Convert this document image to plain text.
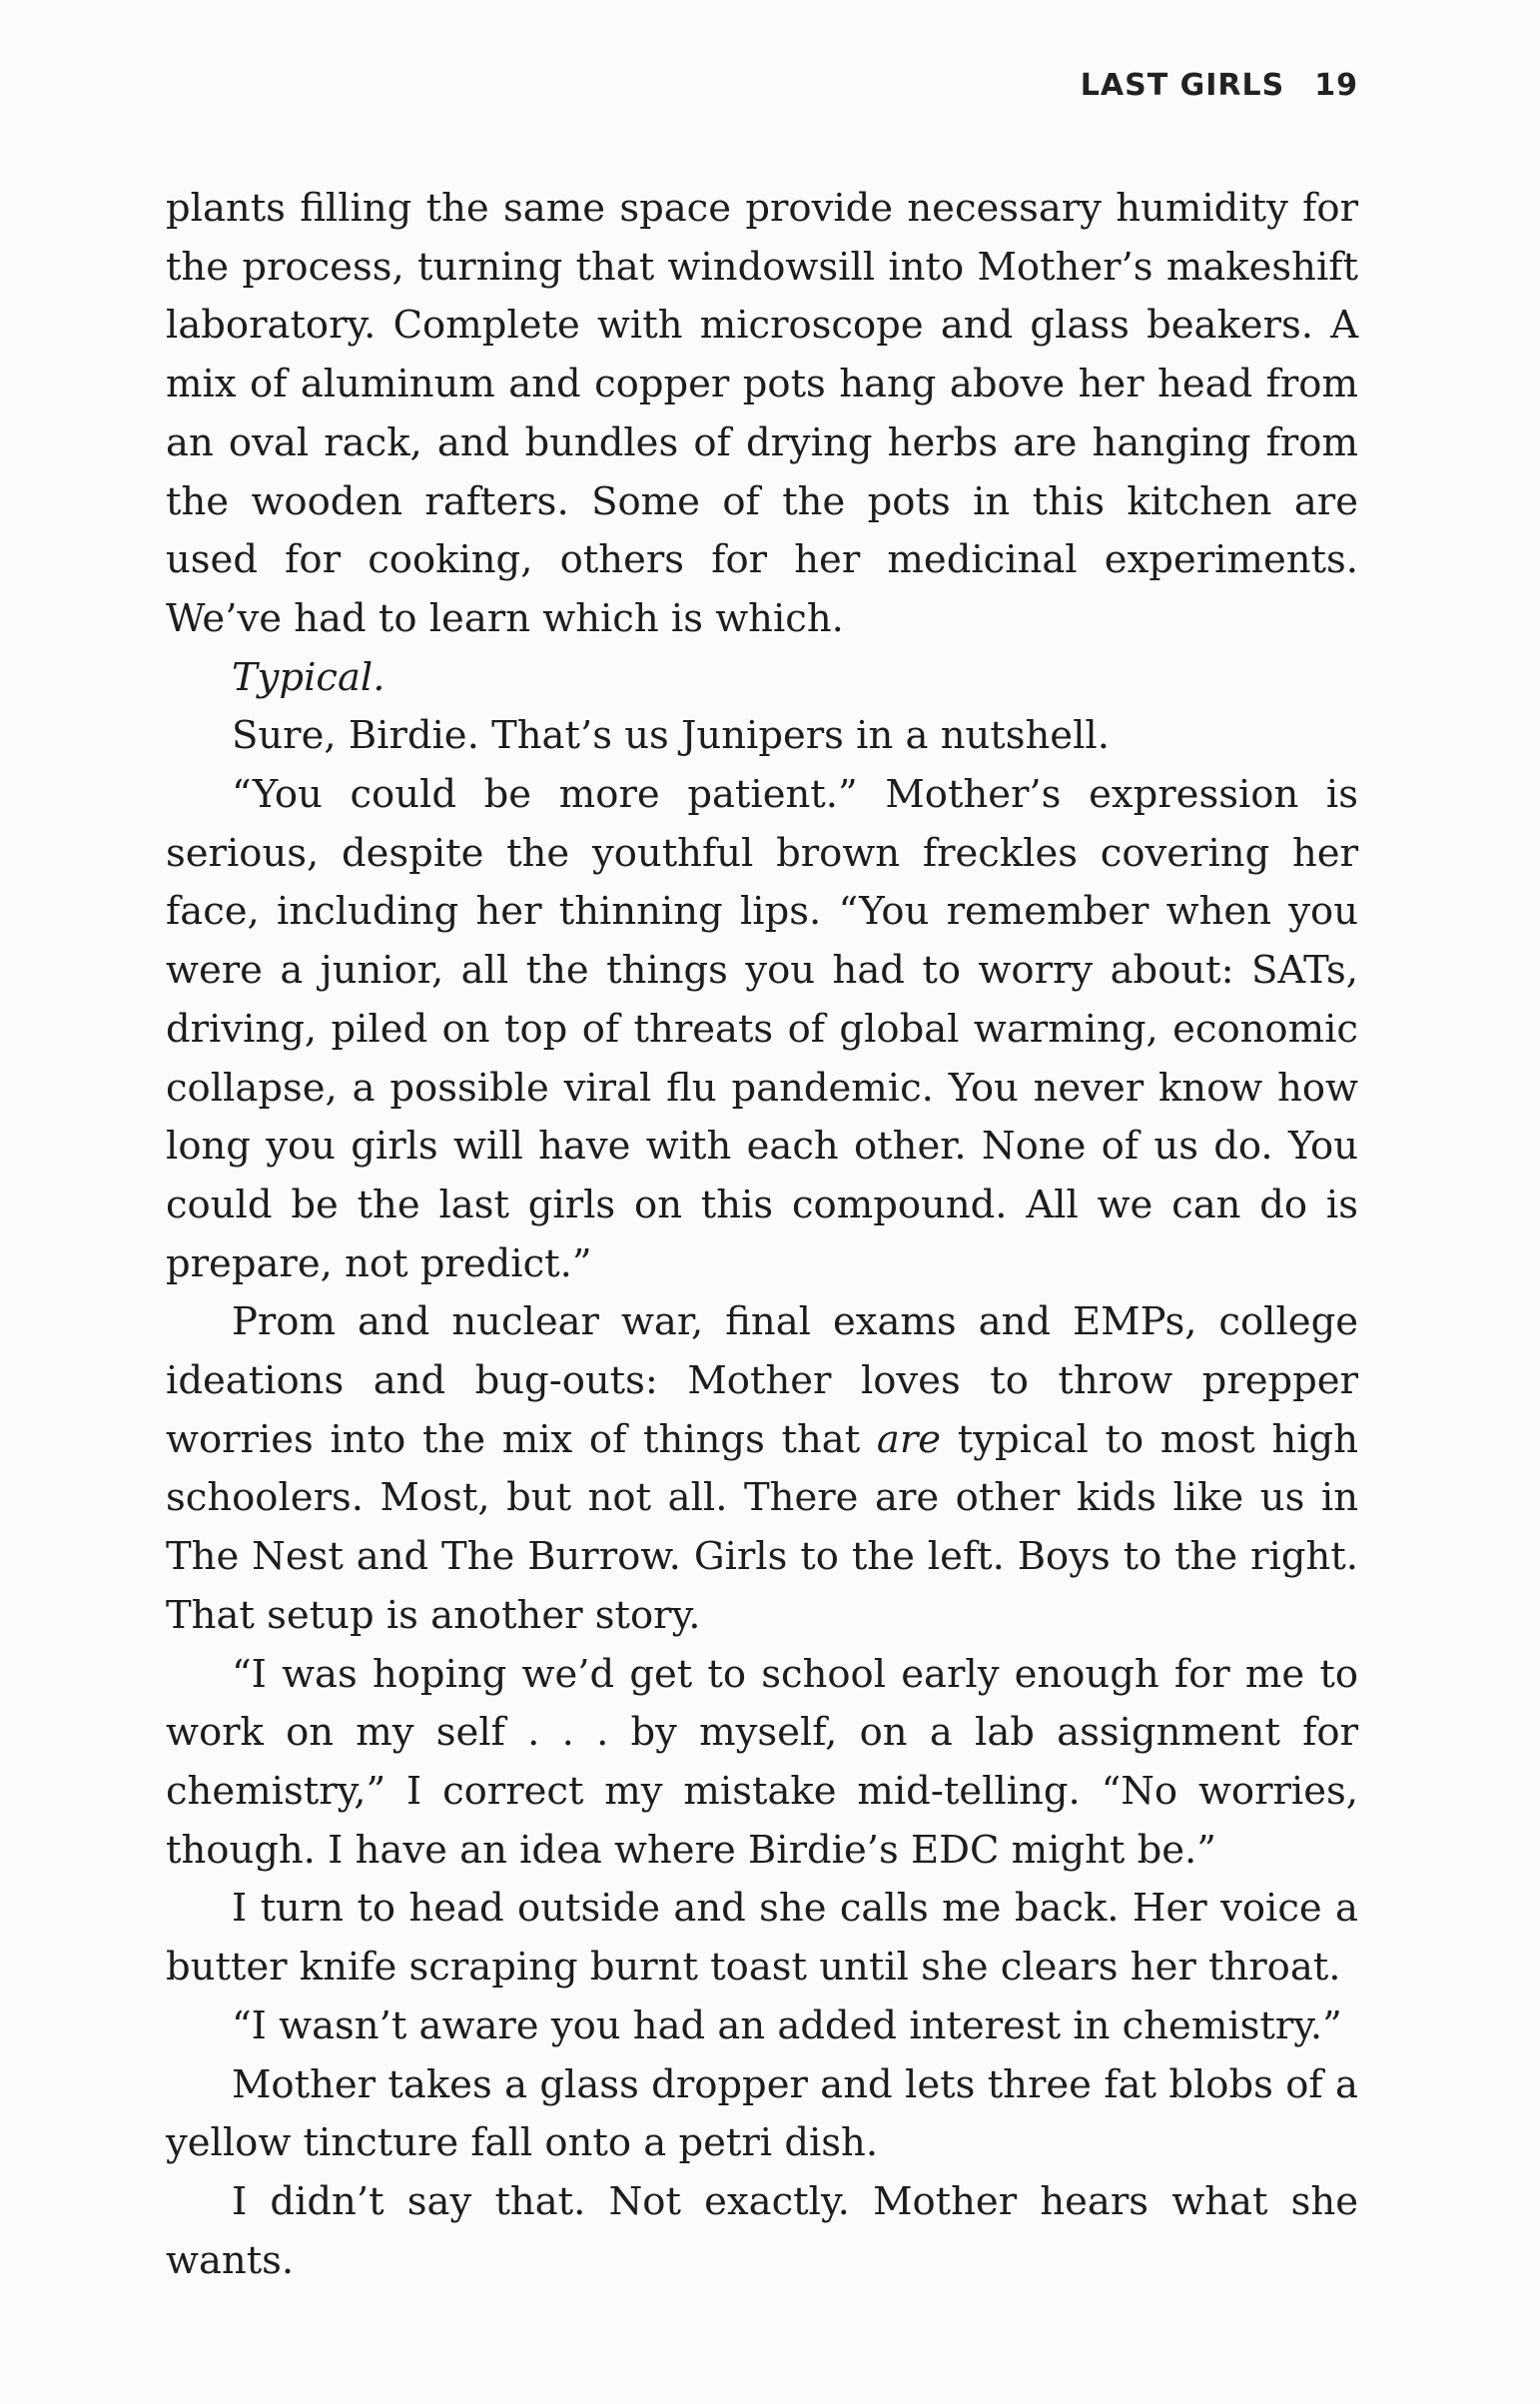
LAST GIRLS 19

plants filling the same space provide necessary humidity for the process, turning that windowsill into Mother’s makeshift laboratory. Complete with microscope and glass beakers. A mix of aluminum and copper pots hang above her head from an oval rack, and bundles of drying herbs are hanging from the wooden rafters. Some of the pots in this kitchen are used for cooking, others for her medicinal experiments. We’ve had to learn which is which.

Typical.

Sure, Birdie. That’s us Junipers in a nutshell.

“You could be more patient.” Mother’s expression is serious, despite the youthful brown freckles covering her face, including her thinning lips. “You remember when you were a junior, all the things you had to worry about: SATs, driving, piled on top of threats of global warming, economic collapse, a possible viral flu pandemic. You never know how long you girls will have with each other. None of us do. You could be the last girls on this compound. All we can do is prepare, not predict.”

Prom and nuclear war, final exams and EMPs, college ideations and bug-outs: Mother loves to throw prepper worries into the mix of things that are typical to most high schoolers. Most, but not all. There are other kids like us in The Nest and The Burrow. Girls to the left. Boys to the right. That setup is another story.

“I was hoping we’d get to school early enough for me to work on my self . . . by myself, on a lab assignment for chemistry,” I correct my mistake mid-telling. “No worries, though. I have an idea where Birdie’s EDC might be.”

I turn to head outside and she calls me back. Her voice a butter knife scraping burnt toast until she clears her throat.

“I wasn’t aware you had an added interest in chemistry.”

Mother takes a glass dropper and lets three fat blobs of a yellow tincture fall onto a petri dish.

I didn’t say that. Not exactly. Mother hears what she wants.
